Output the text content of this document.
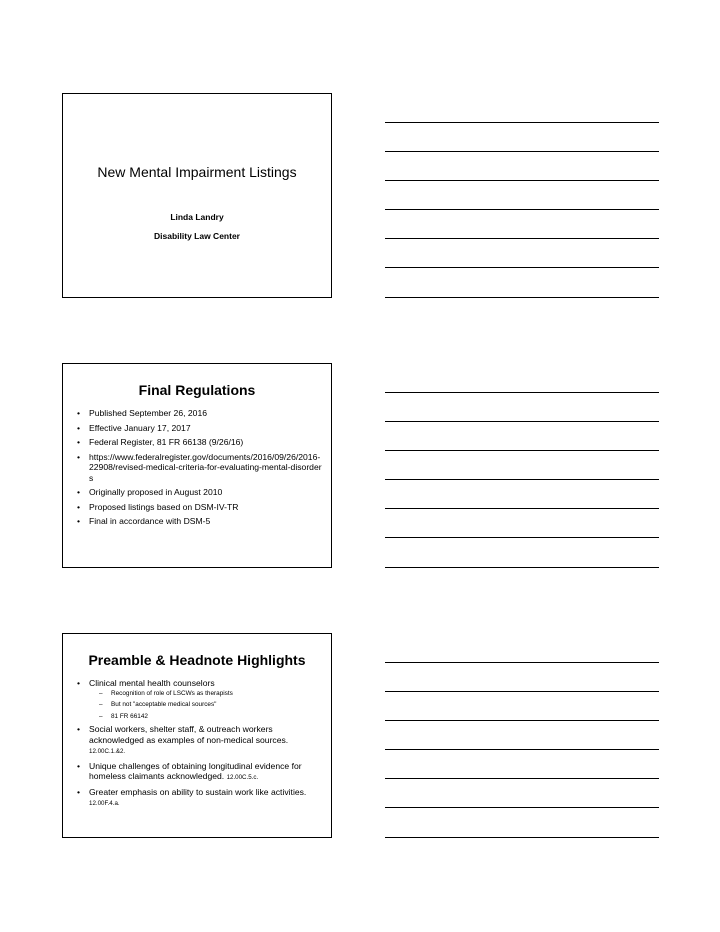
New Mental Impairment Listings
Linda Landry
Disability Law Center
Final Regulations
• Published September 26, 2016
• Effective January 17, 2017
• Federal Register, 81 FR 66138 (9/26/16)
• https://www.federalregister.gov/documents/2016/09/26/2016-22908/revised-medical-criteria-for-evaluating-mental-disorders
• Originally proposed in August 2010
• Proposed listings based on DSM-IV-TR
• Final in accordance with DSM-5
Preamble & Headnote Highlights
• Clinical mental health counselors
– Recognition of role of LSCWs as therapists
– But not "acceptable medical sources"
– 81 FR 66142
• Social workers, shelter staff, & outreach workers acknowledged as examples of non-medical sources.
12.00C.1.&2.
• Unique challenges of obtaining longitudinal evidence for homeless claimants acknowledged. 12.00C.5.c.
• Greater emphasis on ability to sustain work like activities. 12.00F.4.a.
